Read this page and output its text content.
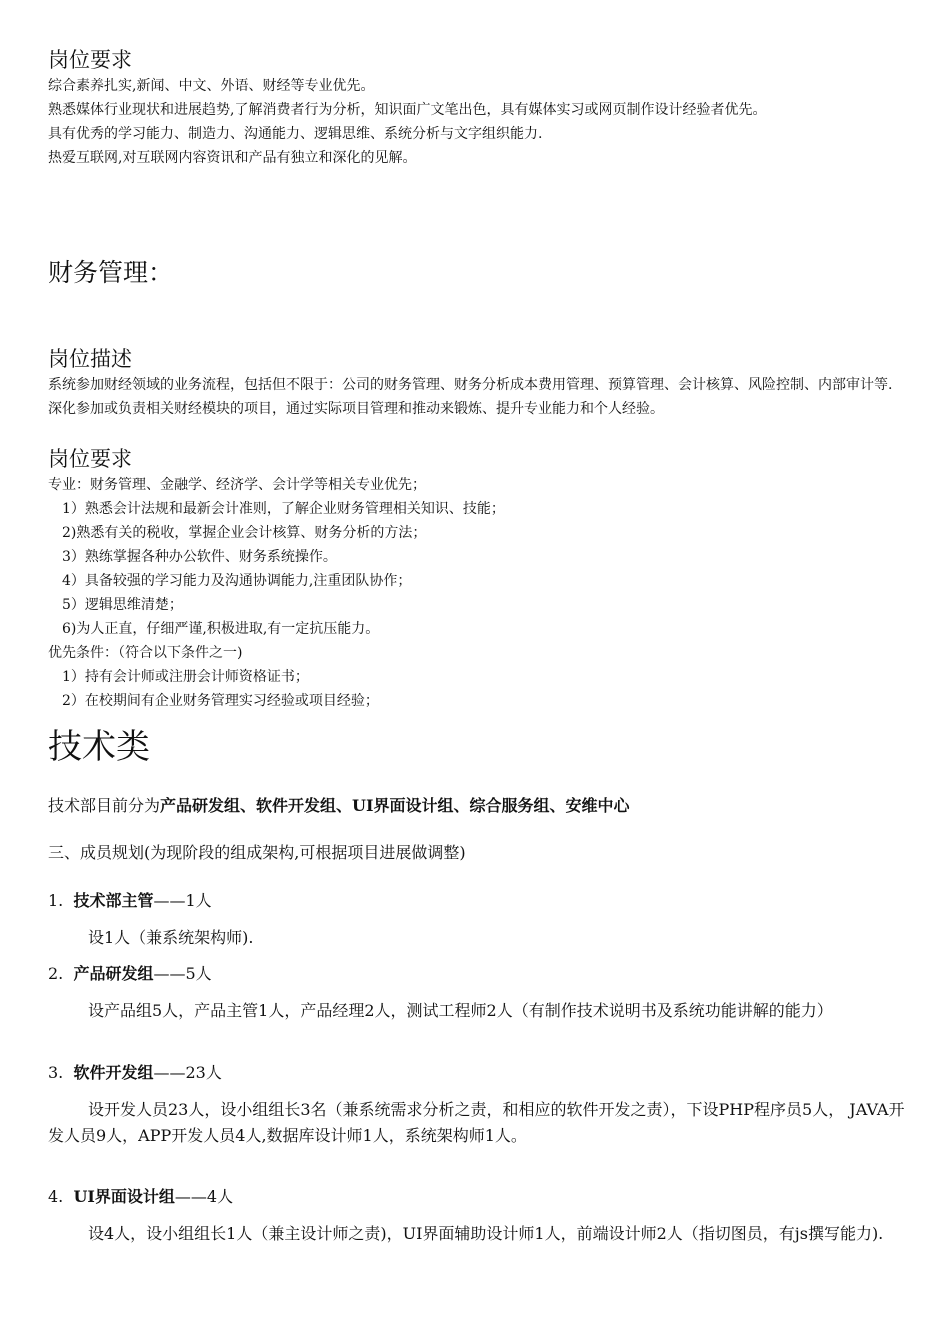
岗位要求
综合素养扎实,新闻、中文、外语、财经等专业优先。
熟悉媒体行业现状和进展趋势,了解消费者行为分析，知识面广文笔出色，具有媒体实习或网页制作设计经验者优先。
具有优秀的学习能力、制造力、沟通能力、逻辑思维、系统分析与文字组织能力.
热爱互联网,对互联网内容资讯和产品有独立和深化的见解。
财务管理：
岗位描述
系统参加财经领域的业务流程，包括但不限于：公司的财务管理、财务分析成本费用管理、预算管理、会计核算、风险控制、内部审计等.
深化参加或负责相关财经模块的项目，通过实际项目管理和推动来锻炼、提升专业能力和个人经验。
岗位要求
专业：财务管理、金融学、经济学、会计学等相关专业优先；
1）熟悉会计法规和最新会计准则，了解企业财务管理相关知识、技能；
2)熟悉有关的税收，掌握企业会计核算、财务分析的方法；
3）熟练掌握各种办公软件、财务系统操作。
4）具备较强的学习能力及沟通协调能力,注重团队协作；
5）逻辑思维清楚；
6)为人正直，仔细严谨,积极进取,有一定抗压能力。
优先条件：（符合以下条件之一)
1）持有会计师或注册会计师资格证书；
2）在校期间有企业财务管理实习经验或项目经验；
技术类
技术部目前分为产品研发组、软件开发组、UI界面设计组、综合服务组、安维中心
三、成员规划(为现阶段的组成架构,可根据项目进展做调整)
1. 技术部主管——1人
设1人（兼系统架构师).
2. 产品研发组——5人
设产品组5人，产品主管1人，产品经理2人，测试工程师2人（有制作技术说明书及系统功能讲解的能力）
3. 软件开发组——23人
设开发人员23人，设小组组长3名（兼系统需求分析之责，和相应的软件开发之责），下设PHP程序员5人， JAVA开发人员9人，APP开发人员4人,数据库设计师1人，系统架构师1人。
4. UI界面设计组——4人
设4人，设小组组长1人（兼主设计师之责)，UI界面辅助设计师1人，前端设计师2人（指切图员，有js撰写能力).
